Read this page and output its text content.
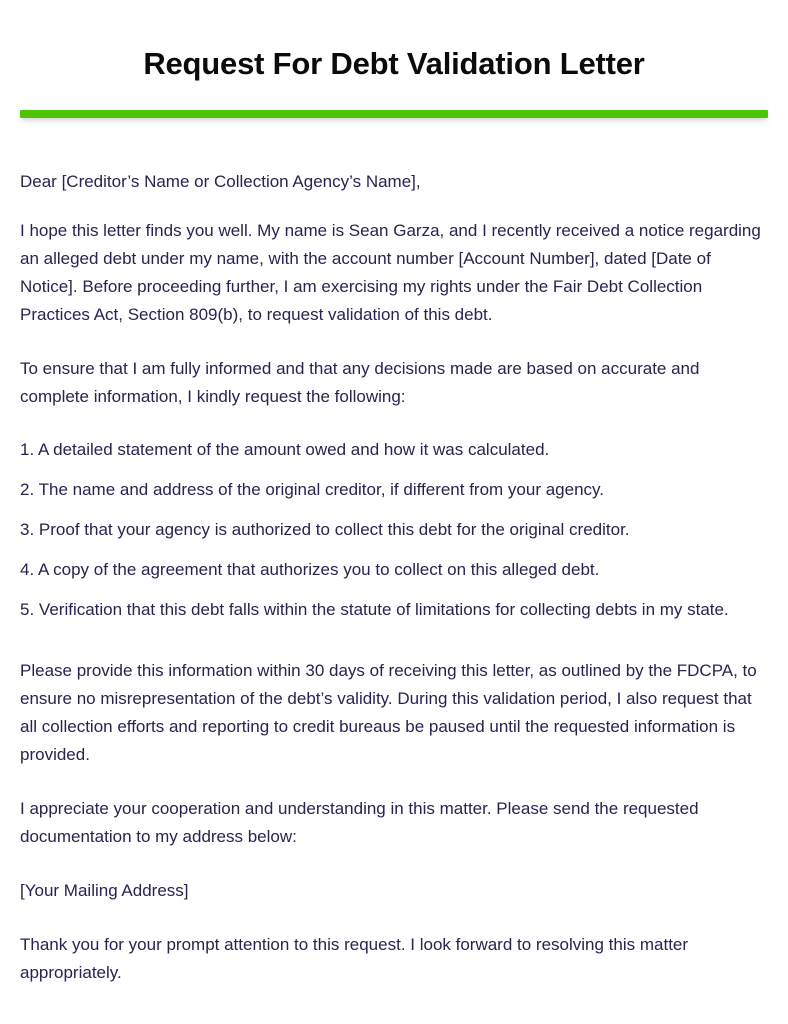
Request For Debt Validation Letter

Dear [Creditor’s Name or Collection Agency’s Name],

I hope this letter finds you well. My name is Sean Garza, and I recently received a notice regarding an alleged debt under my name, with the account number [Account Number], dated [Date of Notice]. Before proceeding further, I am exercising my rights under the Fair Debt Collection Practices Act, Section 809(b), to request validation of this debt.

To ensure that I am fully informed and that any decisions made are based on accurate and complete information, I kindly request the following:

1. A detailed statement of the amount owed and how it was calculated.
2. The name and address of the original creditor, if different from your agency.
3. Proof that your agency is authorized to collect this debt for the original creditor.
4. A copy of the agreement that authorizes you to collect on this alleged debt.
5. Verification that this debt falls within the statute of limitations for collecting debts in my state.

Please provide this information within 30 days of receiving this letter, as outlined by the FDCPA, to ensure no misrepresentation of the debt’s validity. During this validation period, I also request that all collection efforts and reporting to credit bureaus be paused until the requested information is provided.

I appreciate your cooperation and understanding in this matter. Please send the requested documentation to my address below:

[Your Mailing Address]

Thank you for your prompt attention to this request. I look forward to resolving this matter appropriately.
